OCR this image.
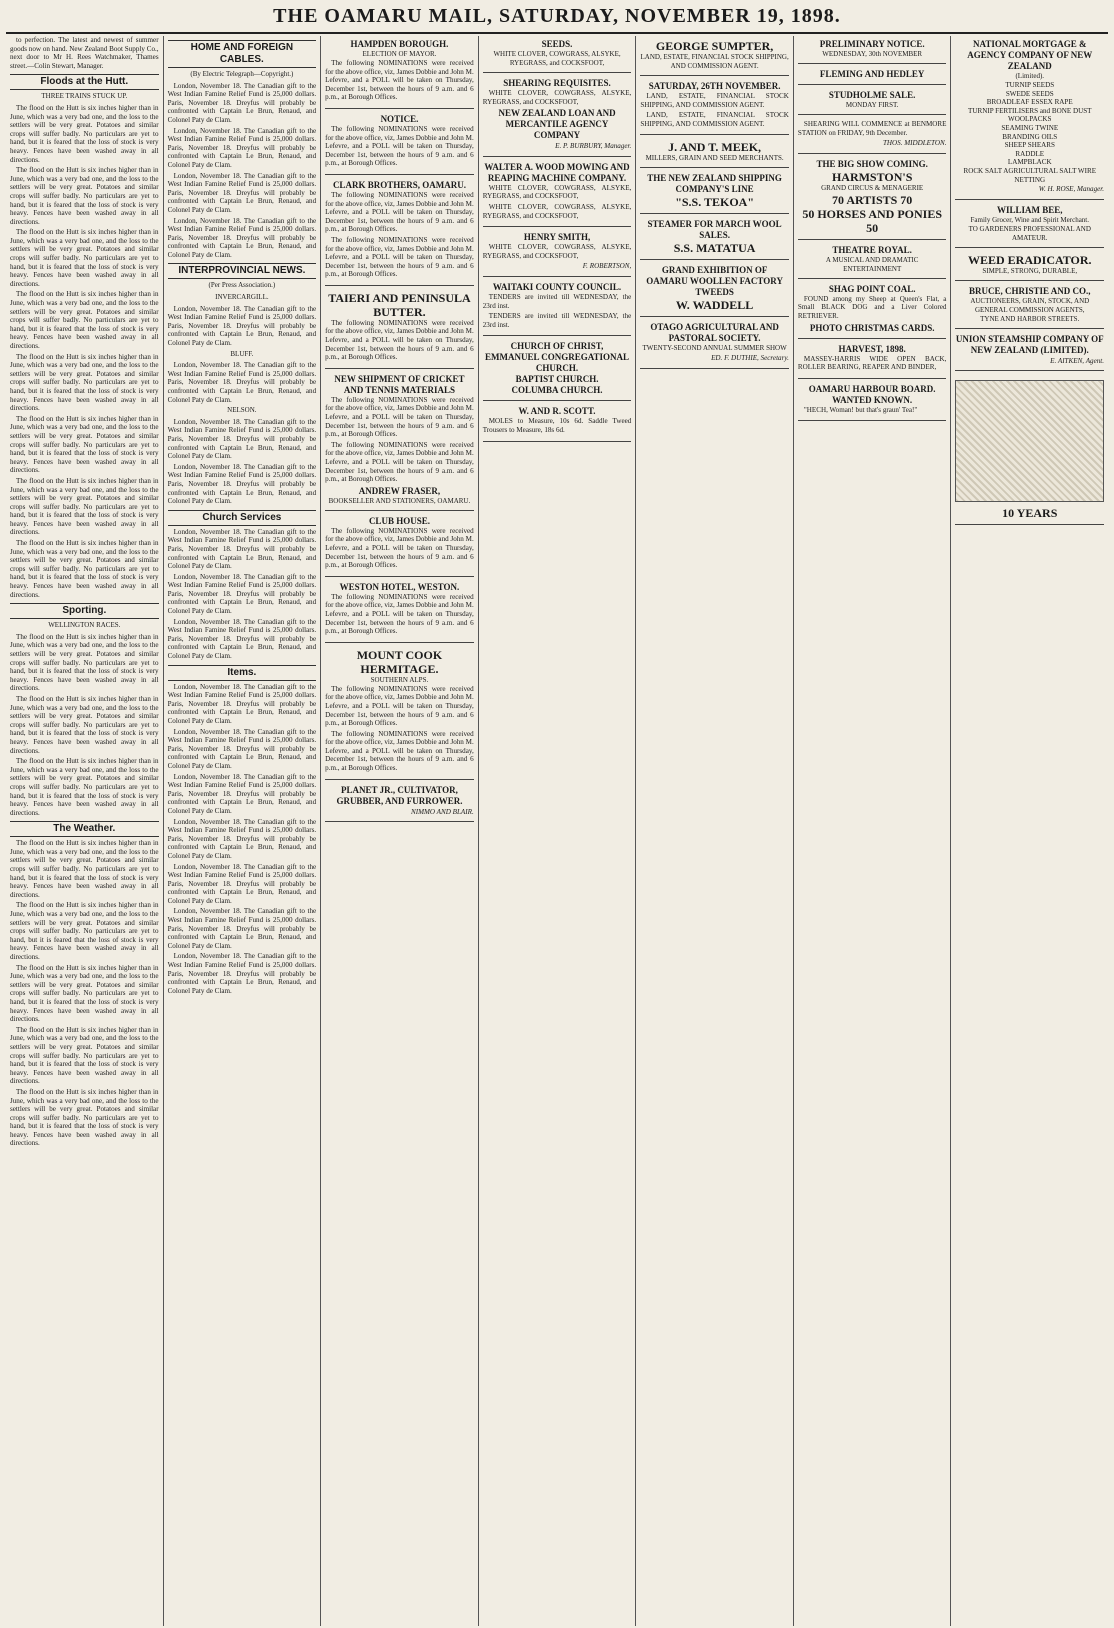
THE OAMARU MAIL, SATURDAY, NOVEMBER 19, 1898.

to perfection. The latest and newest of summer goods now on hand. New Zealand Boot Supply Co., next door to Mr H. Rees Watchmaker, Thames street.—Colin Stewart, Manager.

Floods at the Hutt.
THREE TRAINS STUCK UP.

The flood on the Hutt is six inches higher than in June, which was a very bad one, and the loss to the settlers will be very great. Potatoes and similar crops will suffer badly. No particulars are yet to hand, but it is feared that the loss of stock is very heavy. Fences have been washed away in all directions.

The flood on the Hutt is six inches higher than in June, which was a very bad one, and the loss to the settlers will be very great. Potatoes and similar crops will suffer badly. No particulars are yet to hand, but it is feared that the loss of stock is very heavy. Fences have been washed away in all directions.

The flood on the Hutt is six inches higher than in June, which was a very bad one, and the loss to the settlers will be very great. Potatoes and similar crops will suffer badly. No particulars are yet to hand, but it is feared that the loss of stock is very heavy. Fences have been washed away in all directions.

The flood on the Hutt is six inches higher than in June, which was a very bad one, and the loss to the settlers will be very great. Potatoes and similar crops will suffer badly. No particulars are yet to hand, but it is feared that the loss of stock is very heavy. Fences have been washed away in all directions.

The flood on the Hutt is six inches higher than in June, which was a very bad one, and the loss to the settlers will be very great. Potatoes and similar crops will suffer badly. No particulars are yet to hand, but it is feared that the loss of stock is very heavy. Fences have been washed away in all directions.

The flood on the Hutt is six inches higher than in June, which was a very bad one, and the loss to the settlers will be very great. Potatoes and similar crops will suffer badly. No particulars are yet to hand, but it is feared that the loss of stock is very heavy. Fences have been washed away in all directions.

The flood on the Hutt is six inches higher than in June, which was a very bad one, and the loss to the settlers will be very great. Potatoes and similar crops will suffer badly. No particulars are yet to hand, but it is feared that the loss of stock is very heavy. Fences have been washed away in all directions.

The flood on the Hutt is six inches higher than in June, which was a very bad one, and the loss to the settlers will be very great. Potatoes and similar crops will suffer badly. No particulars are yet to hand, but it is feared that the loss of stock is very heavy. Fences have been washed away in all directions.

Sporting.
WELLINGTON RACES.

The flood on the Hutt is six inches higher than in June, which was a very bad one, and the loss to the settlers will be very great. Potatoes and similar crops will suffer badly. No particulars are yet to hand, but it is feared that the loss of stock is very heavy. Fences have been washed away in all directions.

The flood on the Hutt is six inches higher than in June, which was a very bad one, and the loss to the settlers will be very great. Potatoes and similar crops will suffer badly. No particulars are yet to hand, but it is feared that the loss of stock is very heavy. Fences have been washed away in all directions.

The flood on the Hutt is six inches higher than in June, which was a very bad one, and the loss to the settlers will be very great. Potatoes and similar crops will suffer badly. No particulars are yet to hand, but it is feared that the loss of stock is very heavy. Fences have been washed away in all directions.

The Weather.

The flood on the Hutt is six inches higher than in June, which was a very bad one, and the loss to the settlers will be very great. Potatoes and similar crops will suffer badly. No particulars are yet to hand, but it is feared that the loss of stock is very heavy. Fences have been washed away in all directions.

The flood on the Hutt is six inches higher than in June, which was a very bad one, and the loss to the settlers will be very great. Potatoes and similar crops will suffer badly. No particulars are yet to hand, but it is feared that the loss of stock is very heavy. Fences have been washed away in all directions.

The flood on the Hutt is six inches higher than in June, which was a very bad one, and the loss to the settlers will be very great. Potatoes and similar crops will suffer badly. No particulars are yet to hand, but it is feared that the loss of stock is very heavy. Fences have been washed away in all directions.

The flood on the Hutt is six inches higher than in June, which was a very bad one, and the loss to the settlers will be very great. Potatoes and similar crops will suffer badly. No particulars are yet to hand, but it is feared that the loss of stock is very heavy. Fences have been washed away in all directions.

The flood on the Hutt is six inches higher than in June, which was a very bad one, and the loss to the settlers will be very great. Potatoes and similar crops will suffer badly. No particulars are yet to hand, but it is feared that the loss of stock is very heavy. Fences have been washed away in all directions.

HOME AND FOREIGN CABLES.
(By Electric Telegraph—Copyright.)

London, November 18. The Canadian gift to the West Indian Famine Relief Fund is 25,000 dollars. Paris, November 18. Dreyfus will probably be confronted with Captain Le Brun, Renaud, and Colonel Paty de Clam.

London, November 18. The Canadian gift to the West Indian Famine Relief Fund is 25,000 dollars. Paris, November 18. Dreyfus will probably be confronted with Captain Le Brun, Renaud, and Colonel Paty de Clam.

London, November 18. The Canadian gift to the West Indian Famine Relief Fund is 25,000 dollars. Paris, November 18. Dreyfus will probably be confronted with Captain Le Brun, Renaud, and Colonel Paty de Clam.

London, November 18. The Canadian gift to the West Indian Famine Relief Fund is 25,000 dollars. Paris, November 18. Dreyfus will probably be confronted with Captain Le Brun, Renaud, and Colonel Paty de Clam.

INTERPROVINCIAL NEWS.
(Per Press Association.)
INVERCARGILL.

London, November 18. The Canadian gift to the West Indian Famine Relief Fund is 25,000 dollars. Paris, November 18. Dreyfus will probably be confronted with Captain Le Brun, Renaud, and Colonel Paty de Clam.

BLUFF.

London, November 18. The Canadian gift to the West Indian Famine Relief Fund is 25,000 dollars. Paris, November 18. Dreyfus will probably be confronted with Captain Le Brun, Renaud, and Colonel Paty de Clam.

NELSON.

London, November 18. The Canadian gift to the West Indian Famine Relief Fund is 25,000 dollars. Paris, November 18. Dreyfus will probably be confronted with Captain Le Brun, Renaud, and Colonel Paty de Clam.

London, November 18. The Canadian gift to the West Indian Famine Relief Fund is 25,000 dollars. Paris, November 18. Dreyfus will probably be confronted with Captain Le Brun, Renaud, and Colonel Paty de Clam.

Church Services

London, November 18. The Canadian gift to the West Indian Famine Relief Fund is 25,000 dollars. Paris, November 18. Dreyfus will probably be confronted with Captain Le Brun, Renaud, and Colonel Paty de Clam.

London, November 18. The Canadian gift to the West Indian Famine Relief Fund is 25,000 dollars. Paris, November 18. Dreyfus will probably be confronted with Captain Le Brun, Renaud, and Colonel Paty de Clam.

London, November 18. The Canadian gift to the West Indian Famine Relief Fund is 25,000 dollars. Paris, November 18. Dreyfus will probably be confronted with Captain Le Brun, Renaud, and Colonel Paty de Clam.

Items.

London, November 18. The Canadian gift to the West Indian Famine Relief Fund is 25,000 dollars. Paris, November 18. Dreyfus will probably be confronted with Captain Le Brun, Renaud, and Colonel Paty de Clam.

London, November 18. The Canadian gift to the West Indian Famine Relief Fund is 25,000 dollars. Paris, November 18. Dreyfus will probably be confronted with Captain Le Brun, Renaud, and Colonel Paty de Clam.

London, November 18. The Canadian gift to the West Indian Famine Relief Fund is 25,000 dollars. Paris, November 18. Dreyfus will probably be confronted with Captain Le Brun, Renaud, and Colonel Paty de Clam.

London, November 18. The Canadian gift to the West Indian Famine Relief Fund is 25,000 dollars. Paris, November 18. Dreyfus will probably be confronted with Captain Le Brun, Renaud, and Colonel Paty de Clam.

London, November 18. The Canadian gift to the West Indian Famine Relief Fund is 25,000 dollars. Paris, November 18. Dreyfus will probably be confronted with Captain Le Brun, Renaud, and Colonel Paty de Clam.

London, November 18. The Canadian gift to the West Indian Famine Relief Fund is 25,000 dollars. Paris, November 18. Dreyfus will probably be confronted with Captain Le Brun, Renaud, and Colonel Paty de Clam.

London, November 18. The Canadian gift to the West Indian Famine Relief Fund is 25,000 dollars. Paris, November 18. Dreyfus will probably be confronted with Captain Le Brun, Renaud, and Colonel Paty de Clam.

HAMPDEN BOROUGH.
ELECTION OF MAYOR.

The following NOMINATIONS were received for the above office, viz, James Dobbie and John M. Lefevre, and a POLL will be taken on Thursday, December 1st, between the hours of 9 a.m. and 6 p.m., at Borough Offices.

NOTICE.

The following NOMINATIONS were received for the above office, viz, James Dobbie and John M. Lefevre, and a POLL will be taken on Thursday, December 1st, between the hours of 9 a.m. and 6 p.m., at Borough Offices.

CLARK BROTHERS, OAMARU.

The following NOMINATIONS were received for the above office, viz, James Dobbie and John M. Lefevre, and a POLL will be taken on Thursday, December 1st, between the hours of 9 a.m. and 6 p.m., at Borough Offices.

The following NOMINATIONS were received for the above office, viz, James Dobbie and John M. Lefevre, and a POLL will be taken on Thursday, December 1st, between the hours of 9 a.m. and 6 p.m., at Borough Offices.

TAIERI AND PENINSULA BUTTER.

The following NOMINATIONS were received for the above office, viz, James Dobbie and John M. Lefevre, and a POLL will be taken on Thursday, December 1st, between the hours of 9 a.m. and 6 p.m., at Borough Offices.

NEW SHIPMENT OF CRICKET AND TENNIS MATERIALS

The following NOMINATIONS were received for the above office, viz, James Dobbie and John M. Lefevre, and a POLL will be taken on Thursday, December 1st, between the hours of 9 a.m. and 6 p.m., at Borough Offices.

The following NOMINATIONS were received for the above office, viz, James Dobbie and John M. Lefevre, and a POLL will be taken on Thursday, December 1st, between the hours of 9 a.m. and 6 p.m., at Borough Offices.

ANDREW FRASER,
BOOKSELLER AND STATIONERS, OAMARU.
CLUB HOUSE.

The following NOMINATIONS were received for the above office, viz, James Dobbie and John M. Lefevre, and a POLL will be taken on Thursday, December 1st, between the hours of 9 a.m. and 6 p.m., at Borough Offices.

WESTON HOTEL, WESTON.

The following NOMINATIONS were received for the above office, viz, James Dobbie and John M. Lefevre, and a POLL will be taken on Thursday, December 1st, between the hours of 9 a.m. and 6 p.m., at Borough Offices.

MOUNT COOK HERMITAGE.
SOUTHERN ALPS.

The following NOMINATIONS were received for the above office, viz, James Dobbie and John M. Lefevre, and a POLL will be taken on Thursday, December 1st, between the hours of 9 a.m. and 6 p.m., at Borough Offices.

The following NOMINATIONS were received for the above office, viz, James Dobbie and John M. Lefevre, and a POLL will be taken on Thursday, December 1st, between the hours of 9 a.m. and 6 p.m., at Borough Offices.

PLANET JR., CULTIVATOR, GRUBBER, AND FURROWER.
NIMMO AND BLAIR.
SEEDS.
WHITE CLOVER, COWGRASS, ALSYKE, RYEGRASS, and COCKSFOOT,
SHEARING REQUISITES.

WHITE CLOVER, COWGRASS, ALSYKE, RYEGRASS, and COCKSFOOT,

NEW ZEALAND LOAN AND MERCANTILE AGENCY COMPANY
E. P. BURBURY, Manager.
WALTER A. WOOD MOWING AND REAPING MACHINE COMPANY.

WHITE CLOVER, COWGRASS, ALSYKE, RYEGRASS, and COCKSFOOT,

WHITE CLOVER, COWGRASS, ALSYKE, RYEGRASS, and COCKSFOOT,

HENRY SMITH,

WHITE CLOVER, COWGRASS, ALSYKE, RYEGRASS, and COCKSFOOT,

F. ROBERTSON,
WAITAKI COUNTY COUNCIL.

TENDERS are invited till WEDNESDAY, the 23rd inst.

TENDERS are invited till WEDNESDAY, the 23rd inst.

CHURCH OF CHRIST,
EMMANUEL CONGREGATIONAL CHURCH.
BAPTIST CHURCH.
COLUMBA CHURCH.
W. AND R. SCOTT.

MOLES to Measure, 10s 6d. Saddle Tweed Trousers to Measure, 18s 6d.

GEORGE SUMPTER,
LAND, ESTATE, FINANCIAL STOCK SHIPPING, AND COMMISSION AGENT.
SATURDAY, 26TH NOVEMBER.

LAND, ESTATE, FINANCIAL STOCK SHIPPING, AND COMMISSION AGENT.

LAND, ESTATE, FINANCIAL STOCK SHIPPING, AND COMMISSION AGENT.

J. AND T. MEEK,
MILLERS, GRAIN AND SEED MERCHANTS.
THE NEW ZEALAND SHIPPING COMPANY'S LINE
"S.S. TEKOA"
STEAMER FOR MARCH WOOL SALES.
S.S. MATATUA
GRAND EXHIBITION OF OAMARU WOOLLEN FACTORY TWEEDS
W. WADDELL
OTAGO AGRICULTURAL AND PASTORAL SOCIETY.
TWENTY-SECOND ANNUAL SUMMER SHOW
ED. F. DUTHIE, Secretary.
PRELIMINARY NOTICE.
WEDNESDAY, 30th NOVEMBER
FLEMING AND HEDLEY
STUDHOLME SALE.
MONDAY FIRST.

SHEARING WILL COMMENCE at BENMORE STATION on FRIDAY, 9th December.

THOS. MIDDLETON.
THE BIG SHOW COMING.
HARMSTON'S
GRAND CIRCUS & MENAGERIE
70 ARTISTS 70
50 HORSES AND PONIES 50
THEATRE ROYAL.
A MUSICAL AND DRAMATIC ENTERTAINMENT
SHAG POINT COAL.

FOUND among my Sheep at Queen's Flat, a Small BLACK DOG and a Liver Colored RETRIEVER.

PHOTO CHRISTMAS CARDS.
HARVEST, 1898.

MASSEY-HARRIS WIDE OPEN BACK, ROLLER BEARING, REAPER AND BINDER,

OAMARU HARBOUR BOARD.
WANTED KNOWN.

"HECH, Woman! but that's graun' Tea!"

NATIONAL MORTGAGE & AGENCY COMPANY OF NEW ZEALAND
(Limited).

TURNIP SEEDS

SWEDE SEEDS

BROADLEAF ESSEX RAPE

TURNIP FERTILISERS and BONE DUST

WOOLPACKS

SEAMING TWINE

BRANDING OILS

SHEEP SHEARS

RADDLE

LAMPBLACK

ROCK SALT AGRICULTURAL SALT WIRE NETTING

W. H. ROSE, Manager.
WILLIAM BEE,
Family Grocer, Wine and Spirit Merchant.
TO GARDENERS PROFESSIONAL AND AMATEUR.
WEED ERADICATOR.
SIMPLE, STRONG, DURABLE,
BRUCE, CHRISTIE AND CO.,
AUCTIONEERS, GRAIN, STOCK, AND GENERAL COMMISSION AGENTS,
TYNE AND HARBOR STREETS.
UNION STEAMSHIP COMPANY OF NEW ZEALAND (LIMITED).
E. AITKEN, Agent.
10 YEARS
